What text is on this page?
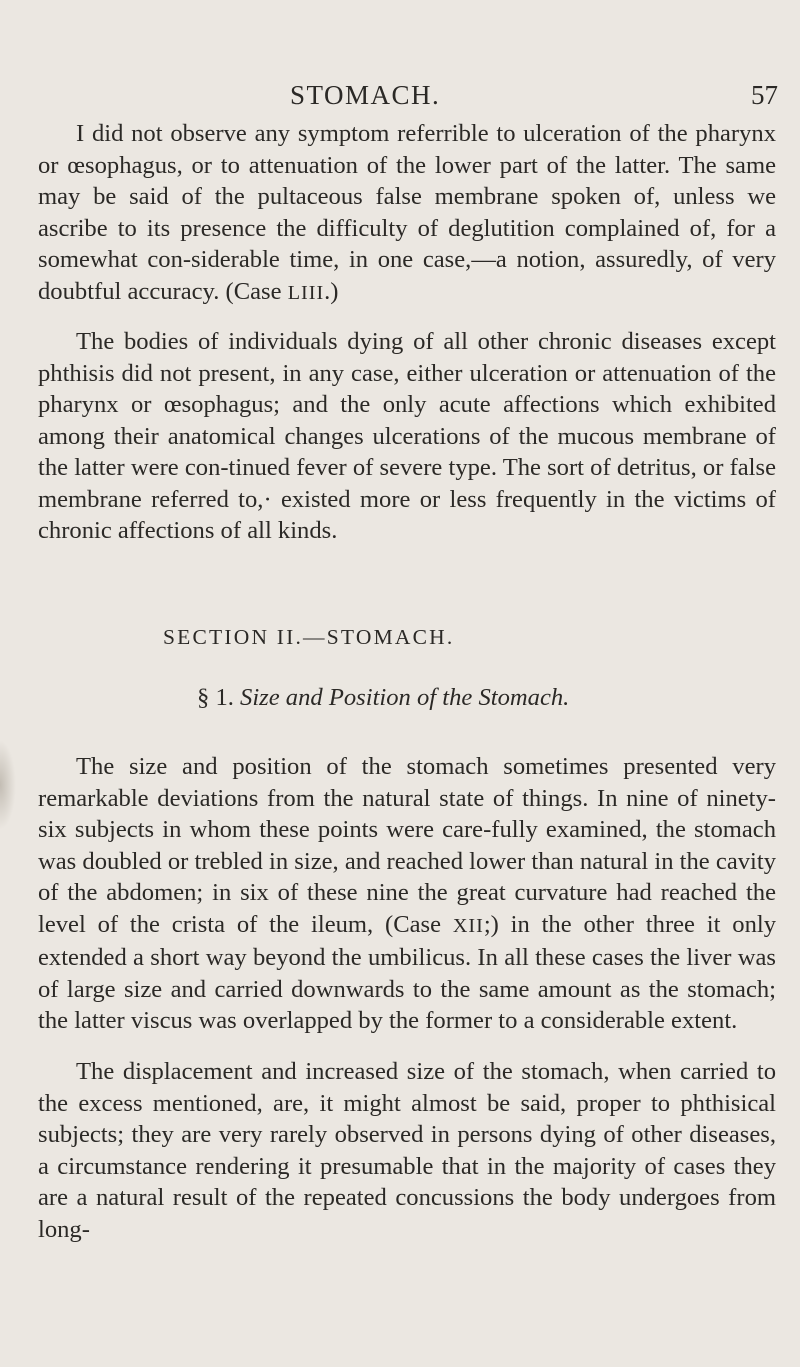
STOMACH.	57

I did not observe any symptom referrible to ulceration of the pharynx or œsophagus, or to attenuation of the lower part of the latter. The same may be said of the pultaceous false membrane spoken of, unless we ascribe to its presence the difficulty of deglutition complained of, for a somewhat con-siderable time, in one case,—a notion, assuredly, of very doubtful accuracy. (Case LIII.)

The bodies of individuals dying of all other chronic diseases except phthisis did not present, in any case, either ulceration or attenuation of the pharynx or œsophagus; and the only acute affections which exhibited among their anatomical changes ulcerations of the mucous membrane of the latter were con-tinued fever of severe type. The sort of detritus, or false membrane referred to,· existed more or less frequently in the victims of chronic affections of all kinds.

SECTION II.—STOMACH.
§ 1. Size and Position of the Stomach.

The size and position of the stomach sometimes presented very remarkable deviations from the natural state of things. In nine of ninety-six subjects in whom these points were care-fully examined, the stomach was doubled or trebled in size, and reached lower than natural in the cavity of the abdomen; in six of these nine the great curvature had reached the level of the crista of the ileum, (Case XII;) in the other three it only extended a short way beyond the umbilicus. In all these cases the liver was of large size and carried downwards to the same amount as the stomach; the latter viscus was overlapped by the former to a considerable extent.

The displacement and increased size of the stomach, when carried to the excess mentioned, are, it might almost be said, proper to phthisical subjects; they are very rarely observed in persons dying of other diseases, a circumstance rendering it presumable that in the majority of cases they are a natural result of the repeated concussions the body undergoes from long-
